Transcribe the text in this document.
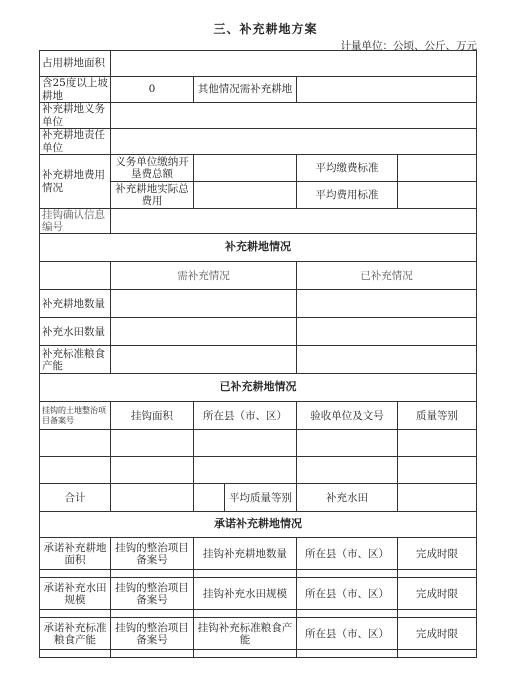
三、补充耕地方案
计量单位：公顷、公斤、万元
占用耕地面积					
含25度以上坡耕地	0	其他情况需补充耕地			
补充耕地义务单位					
补充耕地责任单位					
补充耕地费用情况	义务单位缴纳开垦费总额			平均缴费标准	
	补充耕地实际总费用			平均费用标准	
挂钩确认信息编号					
补充耕地情况					
	需补充情况			已补充情况	
补充耕地数量					
补充水田数量					
补充标准粮食产能					
已补充耕地情况					
挂钩的土地整治项目备案号	挂钩面积	所在县（市、区）		验收单位及文号	质量等别

合计			平均质量等别	补充水田	
承诺补充耕地情况					
承诺补充耕地面积	挂钩的整治项目备案号	挂钩补充耕地数量		所在县（市、区）	完成时限

承诺补充水田规模	挂钩的整治项目备案号	挂钩补充水田规模		所在县（市、区）	完成时限

承诺补充标准粮食产能	挂钩的整治项目备案号	挂钩补充标准粮食产能		所在县（市、区）	完成时限
